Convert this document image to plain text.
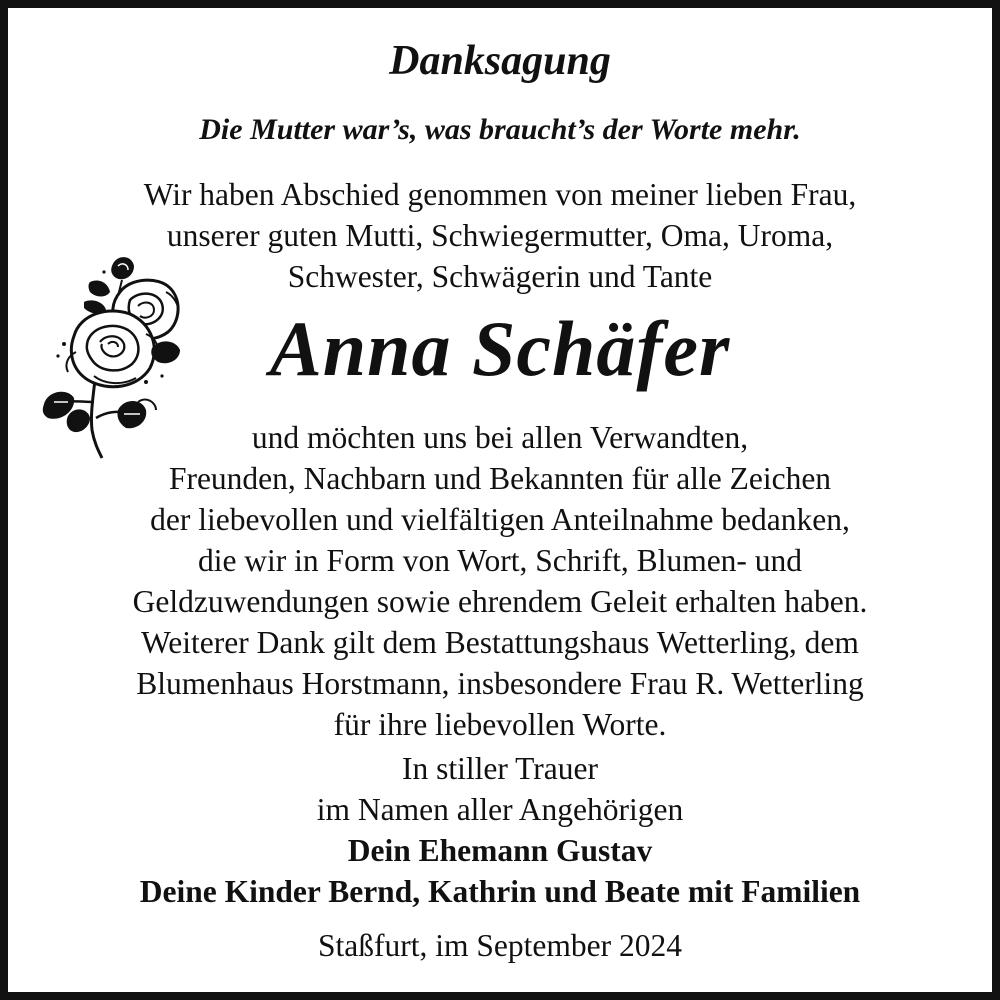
Danksagung
Die Mutter war’s, was braucht’s der Worte mehr.
Wir haben Abschied genommen von meiner lieben Frau,
unserer guten Mutti, Schwiegermutter, Oma, Uroma,
Schwester, Schwägerin und Tante
Anna Schäfer
und möchten uns bei allen Verwandten,
Freunden, Nachbarn und Bekannten für alle Zeichen
der liebevollen und vielfältigen Anteilnahme bedanken,
die wir in Form von Wort, Schrift, Blumen- und
Geldzuwendungen sowie ehrendem Geleit erhalten haben.
Weiterer Dank gilt dem Bestattungshaus Wetterling, dem
Blumenhaus Horstmann, insbesondere Frau R. Wetterling
für ihre liebevollen Worte.
In stiller Trauer
im Namen aller Angehörigen
Dein Ehemann Gustav
Deine Kinder Bernd, Kathrin und Beate mit Familien
Staßfurt, im September 2024
